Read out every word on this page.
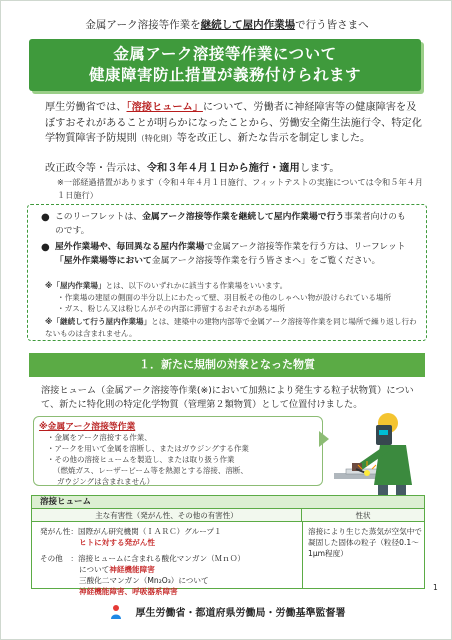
金属アーク溶接等作業を継続して屋内作業場で行う皆さまへ
金属アーク溶接等作業について
健康障害防止措置が義務付けられます
厚生労働省では、「溶接ヒューム」について、労働者に神経障害等の健康障害を及ぼすおそれがあることが明らかになったことから、労働安全衛生法施行令、特定化学物質障害予防規則（特化則）等を改正し、新たな告示を制定しました。
改正政令等・告示は、令和３年４月１日から施行・適用します。
※一部経過措置があります（令和４年４月１日施行、フィットテストの実施については令和５年４月１日施行）
● このリーフレットは、金属アーク溶接等作業を継続して屋内作業場で行う事業者向けのものです。
● 屋外作業場や、毎回異なる屋内作業場で金属アーク溶接等作業を行う方は、リーフレット「屋外作業場等において金属アーク溶接等作業を行う皆さまへ」をご覧ください。
※「屋内作業場」とは、以下のいずれかに該当する作業場をいいます。
・作業場の建屋の側面の半分以上にわたって壁、羽目板その他のしゃへい物が設けられている場所
・ガス、粉じん又は粉じんがその内部に滞留するおそれがある場所
※「継続して行う屋内作業場」とは、建築中の建物内部等で金属アーク溶接等作業を同じ場所で繰り返し行わないものは含まれません。
１．新たに規制の対象となった物質
溶接ヒューム（金属アーク溶接等作業(※)において加熱により発生する粒子状物質）について、新たに特化則の特定化学物質（管理第２類物質）として位置付けました。
※金属アーク溶接等作業
・金属をアーク溶接する作業、
・アークを用いて金属を溶断し、またはガウジングする作業
・その他の溶接ヒュームを製造し、または取り扱う作業
（燃焼ガス、レーザービーム等を熱源とする溶接、溶断、
ガウジングは含まれません）
溶接ヒューム
主な有害性（発がん性、その他の有害性）	性状
発がん性：国際がん研究機関（ＩＡＲＣ）グループ１
ヒトに対する発がん性
その他　：溶接ヒュームに含まれる酸化マンガン（ＭｎＯ）
について神経機能障害
三酸化二マンガン（Mn₂O₃）について
神経機能障害、呼吸器系障害
溶接により生じた蒸気が空気中で凝固した固体の粒子（粒径0.1～1μm程度）
1
厚生労働省・都道府県労働局・労働基準監督署
